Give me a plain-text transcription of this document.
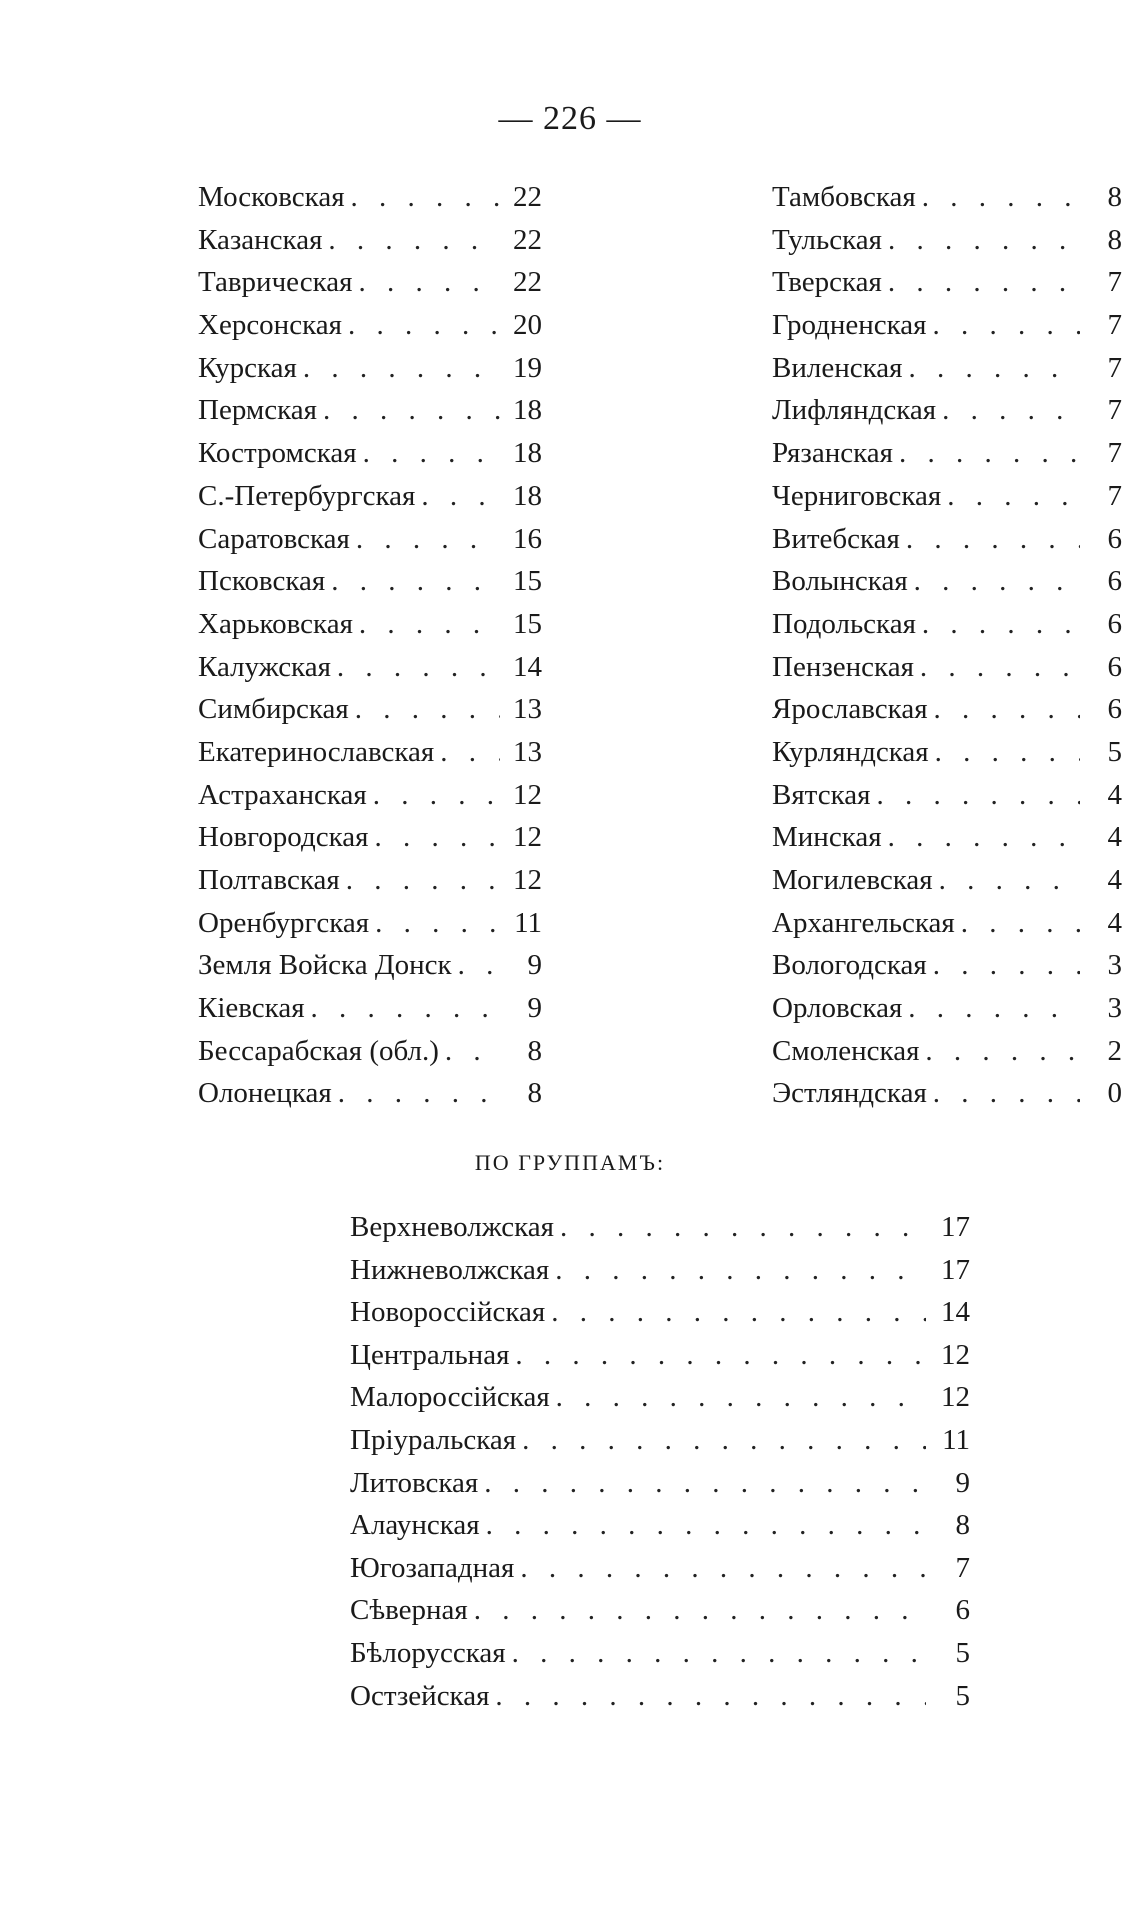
— 226 —
Московская . . .	22
Казанская . . .	22
Таврическая . . .	22
Херсонская . . .	20
Курская . . .	19
Пермская . . .	18
Костромская . . .	18
С.-Петербургская . . .	18
Саратовская . . .	16
Псковская . . .	15
Харьковская . . .	15
Калужская . . .	14
Симбирская . . .	13
Екатеринославская . . .	13
Астраханская . . .	12
Новгородская . . .	12
Полтавская . . .	12
Оренбургская . . .	11
Земля Войска Донск . . .	9
Кіевская . . .	9
Бессарабская (обл.) . . .	8
Олонецкая . . .	8
Тамбовская . . .	8
Тульская . . .	8
Тверская . . .	7
Гродненская . . .	7
Виленская . . .	7
Лифляндская . . .	7
Рязанская . . .	7
Черниговская . . .	7
Витебская . . .	6
Волынская . . .	6
Подольская . . .	6
Пензенская . . .	6
Ярославская . . .	6
Курляндская . . .	5
Вятская . . .	4
Минская . . .	4
Могилевская . . .	4
Архангельская . . .	4
Вологодская . . .	3
Орловская . . .	3
Смоленская . . .	2
Эстляндская . . .	0
ПО ГРУППАМЪ:
Верхневолжская . . .	17
Нижневолжская . . .	17
Новороссійская . . .	14
Центральная . . .	12
Малороссійская . . .	12
Пріуральская . . .	11
Литовская . . .	9
Алаунская . . .	8
Югозападная . . .	7
Сѣверная . . .	6
Бѣлорусская . . .	5
Остзейская . . .	5
